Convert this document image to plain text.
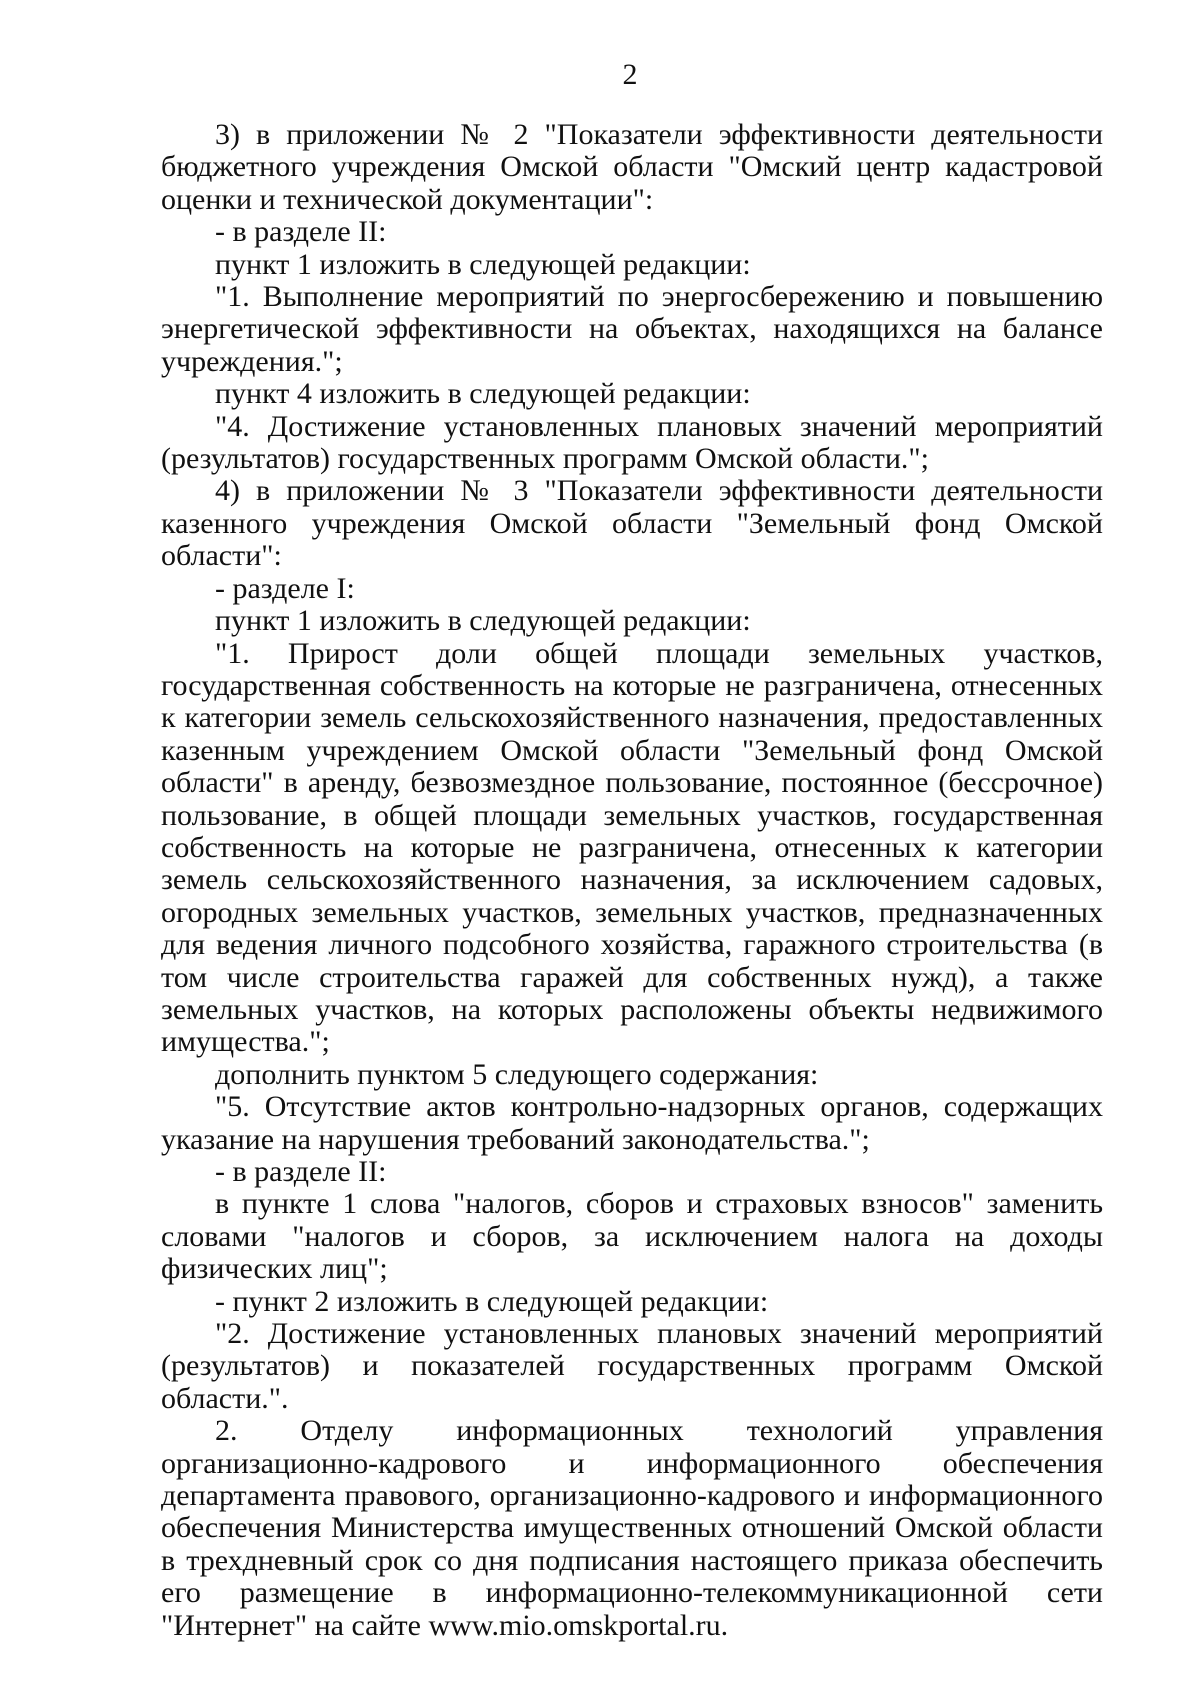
2

3) в приложении № 2 "Показатели эффективности деятельности бюджетного учреждения Омской области "Омский центр кадастровой оценки и технической документации":

- в разделе II:

пункт 1 изложить в следующей редакции:

"1. Выполнение мероприятий по энергосбережению и повышению энергетической эффективности на объектах, находящихся на балансе учреждения.";

пункт 4 изложить в следующей редакции:

"4. Достижение установленных плановых значений мероприятий (результатов) государственных программ Омской области.";

4) в приложении № 3 "Показатели эффективности деятельности казенного учреждения Омской области "Земельный фонд Омской области":

- разделе I:

пункт 1 изложить в следующей редакции:

"1. Прирост доли общей площади земельных участков, государственная собственность на которые не разграничена, отнесенных к категории земель сельскохозяйственного назначения, предоставленных казенным учреждением Омской области "Земельный фонд Омской области" в аренду, безвозмездное пользование, постоянное (бессрочное) пользование, в общей площади земельных участков, государственная собственность на которые не разграничена, отнесенных к категории земель сельскохозяйственного назначения, за исключением садовых, огородных земельных участков, земельных участков, предназначенных для ведения личного подсобного хозяйства, гаражного строительства (в том числе строительства гаражей для собственных нужд), а также земельных участков, на которых расположены объекты недвижимого имущества.";

дополнить пунктом 5 следующего содержания:

"5. Отсутствие актов контрольно-надзорных органов, содержащих указание на нарушения требований законодательства.";

- в разделе II:

в пункте 1 слова "налогов, сборов и страховых взносов" заменить словами "налогов и сборов, за исключением налога на доходы физических лиц";

- пункт 2 изложить в следующей редакции:

"2. Достижение установленных плановых значений мероприятий (результатов) и показателей государственных программ Омской области.".

2. Отделу информационных технологий управления организационно-кадрового и информационного обеспечения департамента правового, организационно-кадрового и информационного обеспечения Министерства имущественных отношений Омской области в трехдневный срок со дня подписания настоящего приказа обеспечить его размещение в информационно-телекоммуникационной сети "Интернет" на сайте www.mio.omskportal.ru.
